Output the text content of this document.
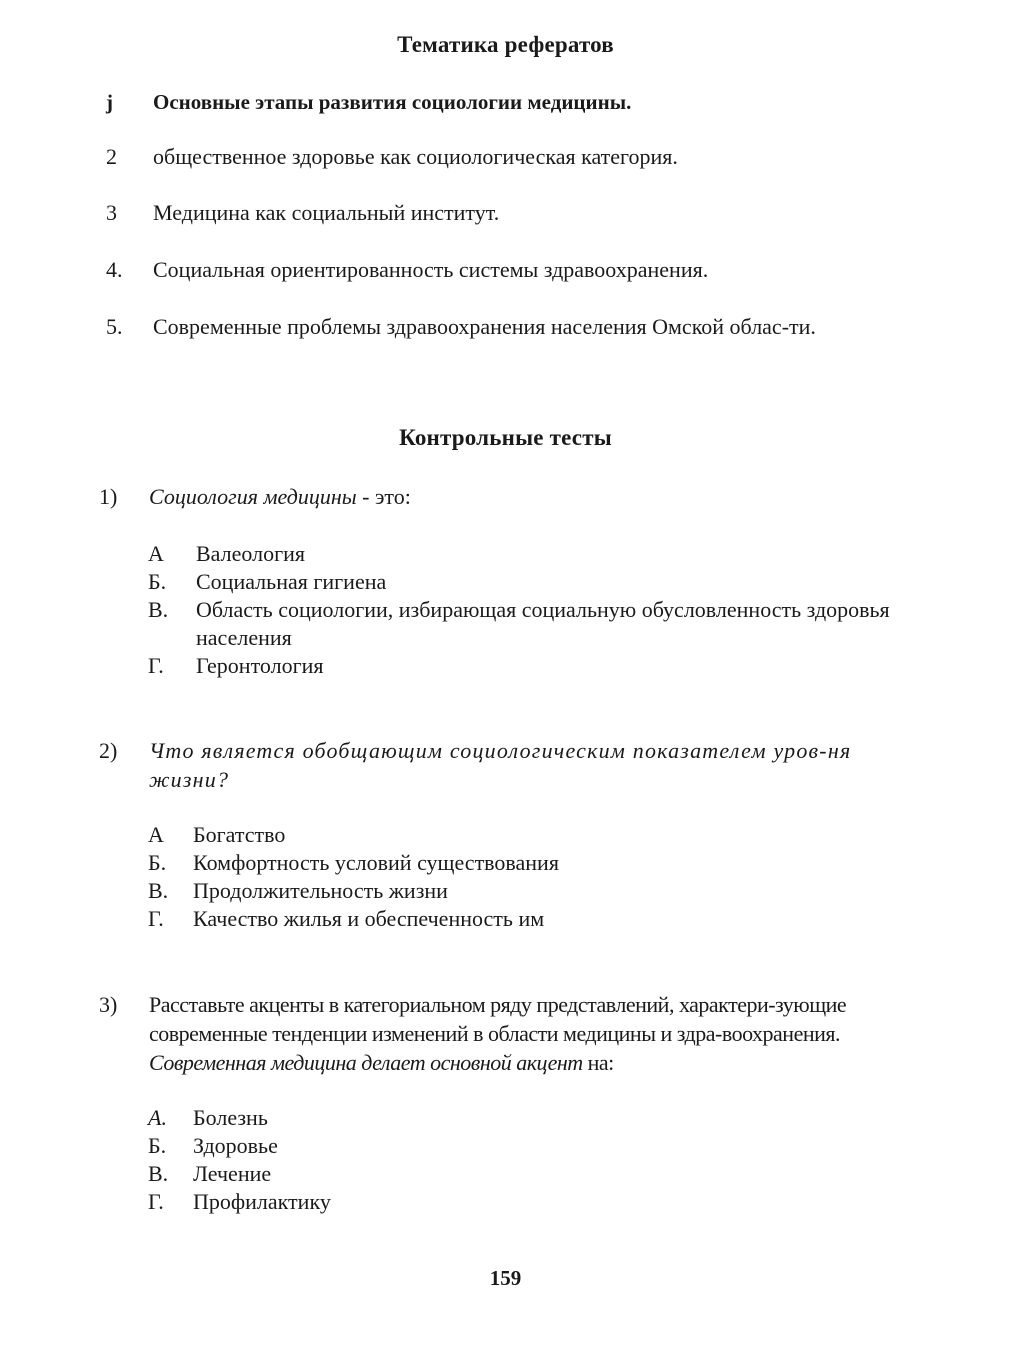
Тематика рефератов
j Основные этапы развития социологии медицины.
2 общественное здоровье как социологическая категория.
3 Медицина как социальный институт.
4. Социальная ориентированность системы здравоохранения.
5. Современные проблемы здравоохранения населения Омской облас-ти.
Контрольные тесты
1) Социология медицины - это:
А Валеология
Б. Социальная гигиена
В. Область социологии, избирающая социальную обусловленность здоровья населения
Г. Геронтология
2) Что является обобщающим социологическим показателем уров-ня жизни?
А Богатство
Б. Комфортность условий существования
В. Продолжительность жизни
Г. Качество жилья и обеспеченность им
3) Расставьте акценты в категориальном ряду представлений, характери-зующие современные тенденции изменений в области медицины и здра-воохранения. Современная медицина делает основной акцент на:
А. Болезнь
Б. Здоровье
В. Лечение
Г. Профилактику
159
